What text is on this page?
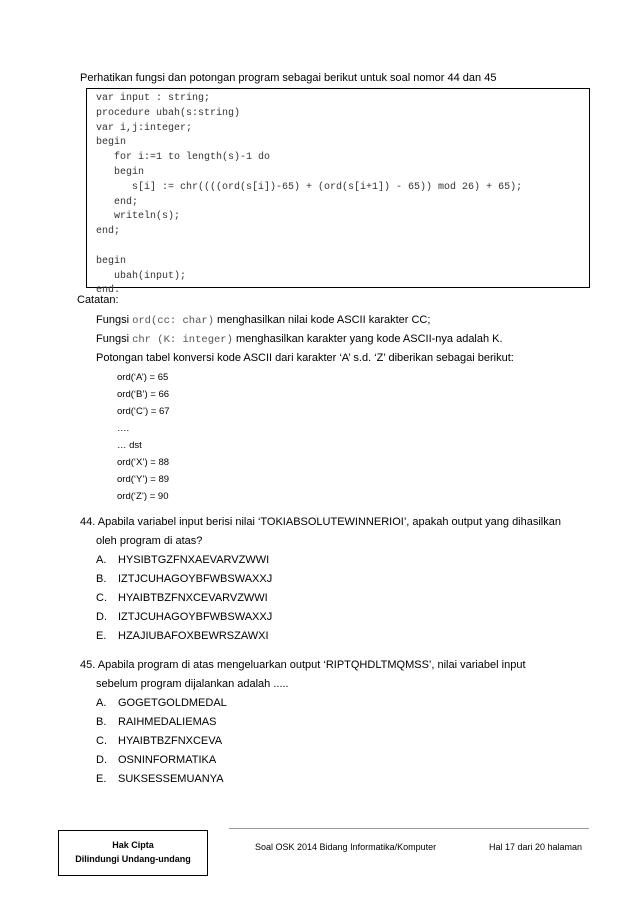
Perhatikan fungsi dan potongan program sebagai berikut untuk soal nomor 44 dan 45
var input : string;
procedure ubah(s:string)
var i,j:integer;
begin
for i:=1 to length(s)-1 do
begin
s[i] := chr((((ord(s[i])-65) + (ord(s[i+1]) - 65)) mod 26) + 65);
end;
writeln(s);
end;
begin
ubah(input);
end.
Catatan:
Fungsi ord(cc: char) menghasilkan nilai kode ASCII karakter CC;
Fungsi chr (K: integer) menghasilkan karakter yang kode ASCII-nya adalah K.
Potongan tabel konversi kode ASCII dari karakter ‘A’ s.d. ‘Z’ diberikan sebagai berikut:
ord(‘A’) = 65
ord(‘B’) = 66
ord(‘C’) = 67
….
… dst
ord(‘X’) = 88
ord(‘Y’) = 89
ord(‘Z’) = 90
44. Apabila variabel input berisi nilai ‘TOKIABSOLUTEWINNERIOI’, apakah output yang dihasilkan
oleh program di atas?
A. HYSIBTGZFNXAEVARVZWWI
B. IZTJCUHAGOYBFWBSWAXXJ
C. HYAIBTBZFNXCEVARVZWWI
D. IZTJCUHAGOYBFWBSWAXXJ
E. HZAJIUBAFOXBEWRSZAWXI
45. Apabila program di atas mengeluarkan output ‘RIPTQHDLTMQMSS’, nilai variabel input
sebelum program dijalankan adalah .....
A. GOGETGOLDMEDAL
B. RAIHMEDALIEMAS
C. HYAIBTBZFNXCEVA
D. OSNINFORMATIKA
E. SUKSESSEMUANYA
Hak Cipta
Dilindungi Undang-undang
Soal OSK 2014 Bidang Informatika/Komputer	Hal 17 dari 20 halaman
